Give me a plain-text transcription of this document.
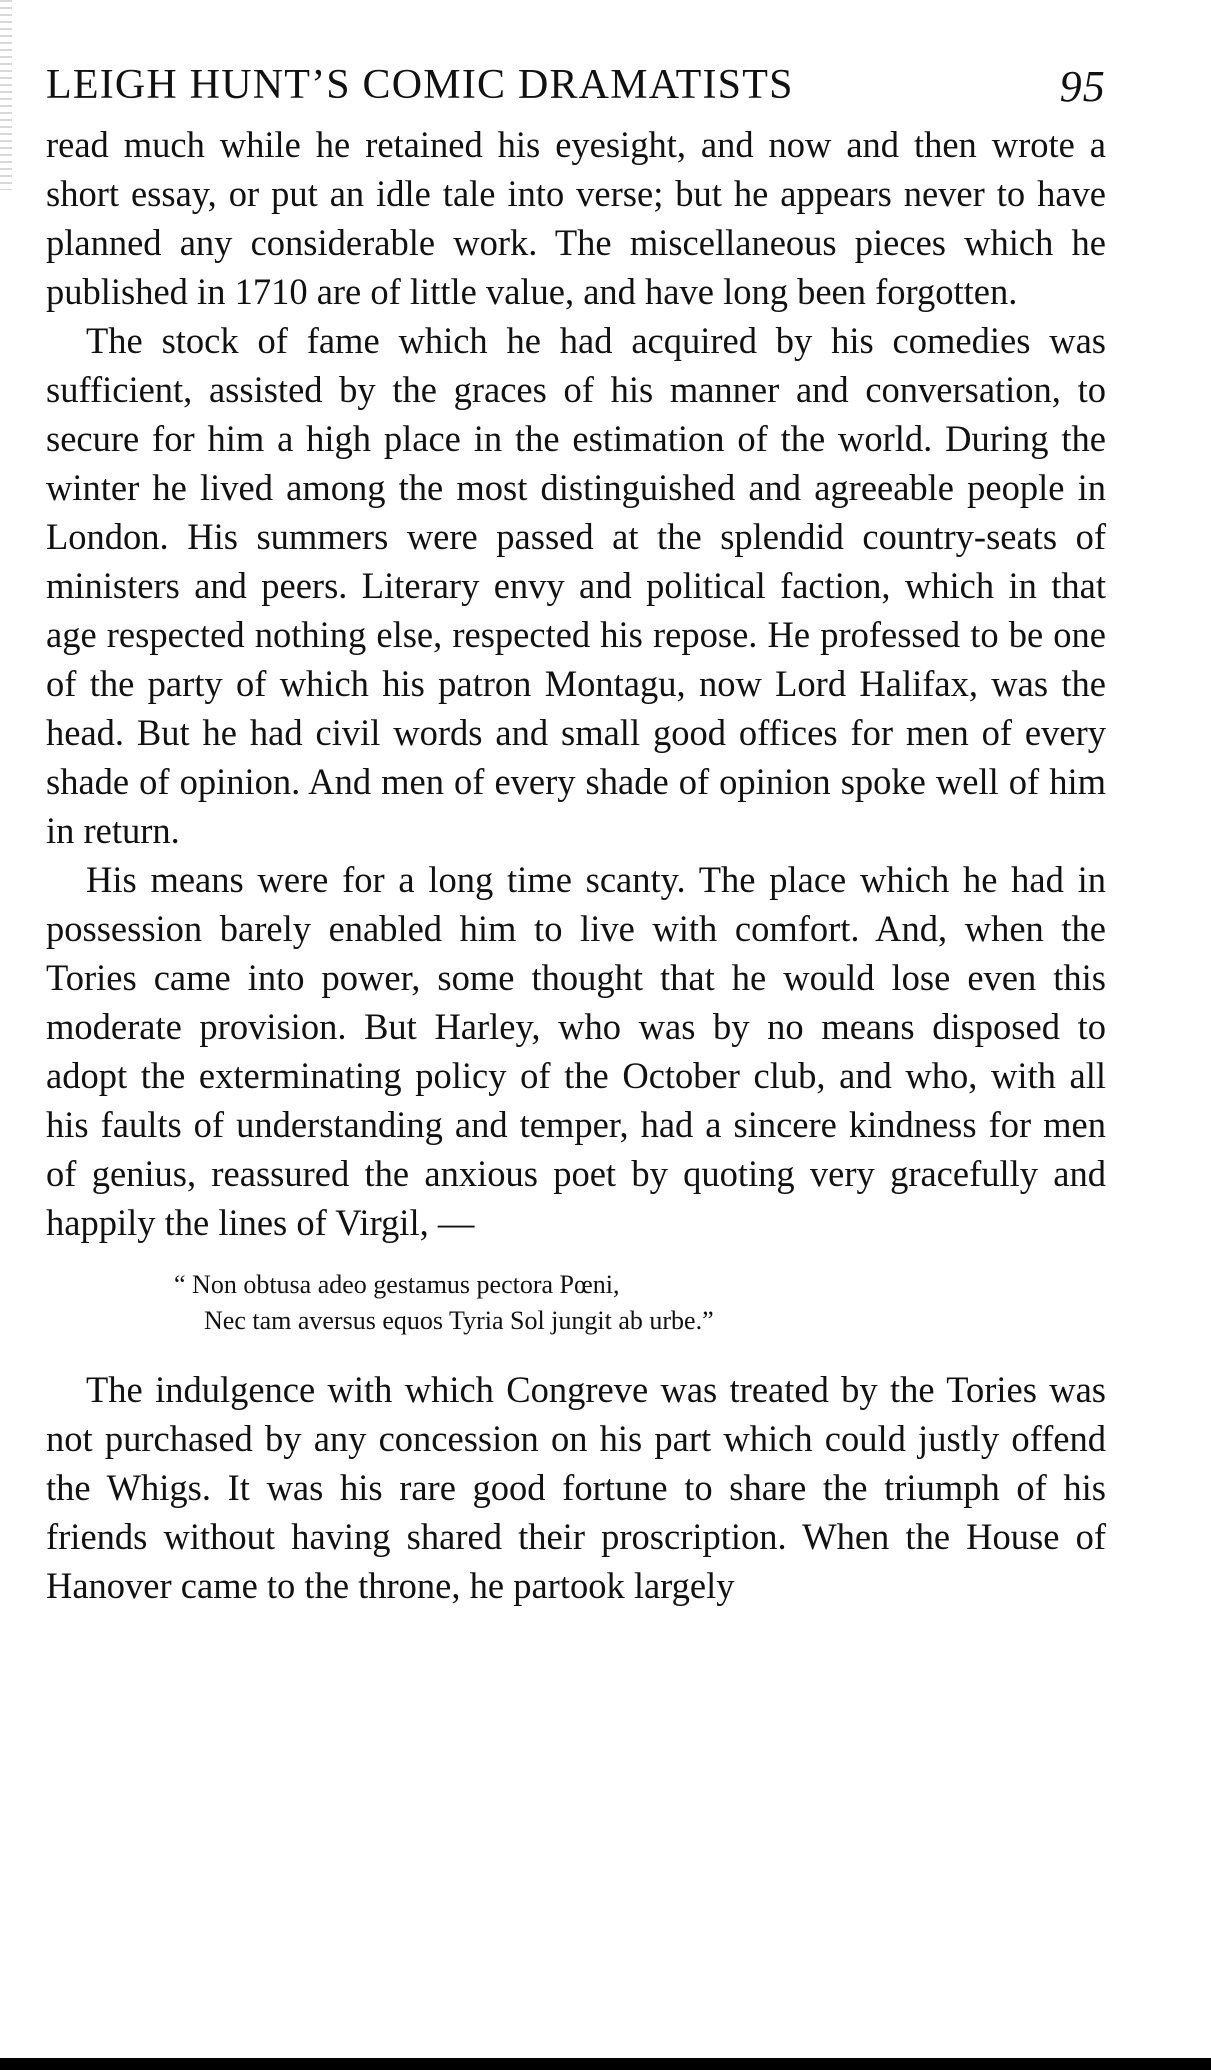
LEIGH HUNT’S COMIC DRAMATISTS	95

read much while he retained his eyesight, and now and then wrote a short essay, or put an idle tale into verse; but he appears never to have planned any considerable work. The miscellaneous pieces which he published in 1710 are of little value, and have long been forgotten.

The stock of fame which he had acquired by his comedies was sufficient, assisted by the graces of his manner and conversation, to secure for him a high place in the estimation of the world. During the winter he lived among the most distinguished and agreeable people in London. His summers were passed at the splendid country-seats of ministers and peers. Literary envy and political faction, which in that age respected nothing else, respected his repose. He professed to be one of the party of which his patron Montagu, now Lord Halifax, was the head. But he had civil words and small good offices for men of every shade of opinion. And men of every shade of opinion spoke well of him in return.

His means were for a long time scanty. The place which he had in possession barely enabled him to live with comfort. And, when the Tories came into power, some thought that he would lose even this moderate provision. But Harley, who was by no means disposed to adopt the exterminating policy of the October club, and who, with all his faults of understanding and temper, had a sincere kindness for men of genius, reassured the anxious poet by quoting very gracefully and happily the lines of Virgil, —

“ Non obtusa adeo gestamus pectora Pœni,
Nec tam aversus equos Tyria Sol jungit ab urbe.”

The indulgence with which Congreve was treated by the Tories was not purchased by any concession on his part which could justly offend the Whigs. It was his rare good fortune to share the triumph of his friends without having shared their proscription. When the House of Hanover came to the throne, he partook largely
